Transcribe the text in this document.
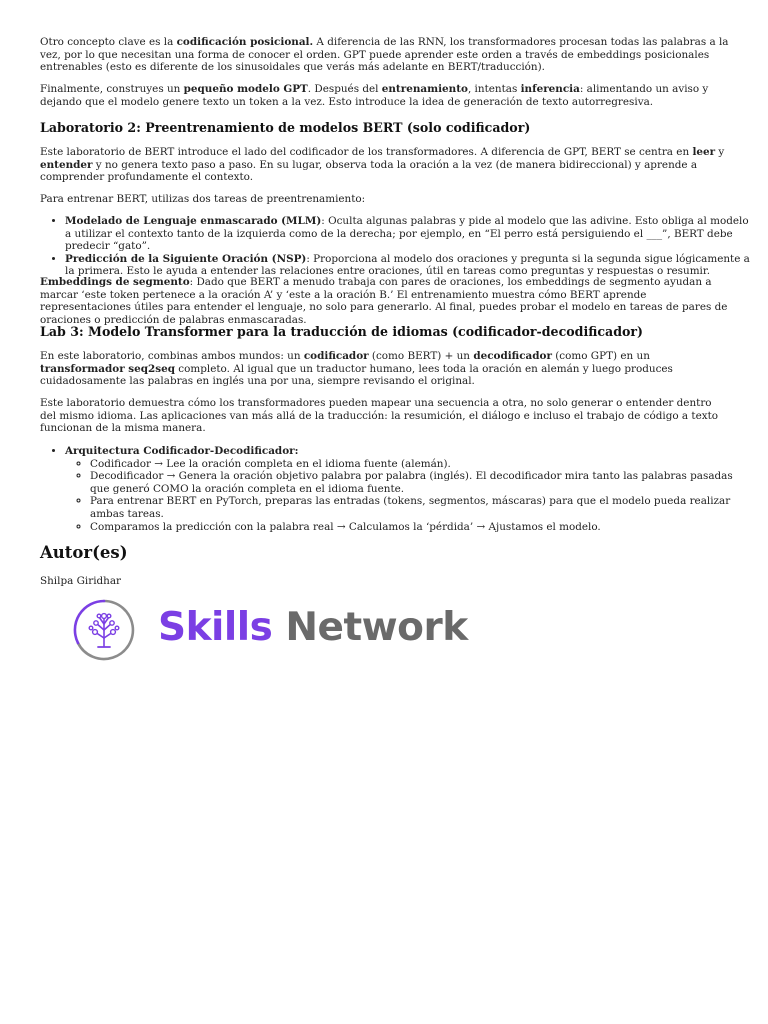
Otro concepto clave es la codificación posicional. A diferencia de las RNN, los transformadores procesan todas las palabras a la vez, por lo que necesitan una forma de conocer el orden. GPT puede aprender este orden a través de embeddings posicionales entrenables (esto es diferente de los sinusoidales que verás más adelante en BERT/traducción).

Finalmente, construyes un pequeño modelo GPT. Después del entrenamiento, intentas inferencia: alimentando un aviso y dejando que el modelo genere texto un token a la vez. Esto introduce la idea de generación de texto autorregresiva.

Laboratorio 2: Preentrenamiento de modelos BERT (solo codificador)

Este laboratorio de BERT introduce el lado del codificador de los transformadores. A diferencia de GPT, BERT se centra en leer y entender y no genera texto paso a paso. En su lugar, observa toda la oración a la vez (de manera bidireccional) y aprende a comprender profundamente el contexto.

Para entrenar BERT, utilizas dos tareas de preentrenamiento:

• Modelado de Lenguaje enmascarado (MLM): Oculta algunas palabras y pide al modelo que las adivine. Esto obliga al modelo a utilizar el contexto tanto de la izquierda como de la derecha; por ejemplo, en “El perro está persiguiendo el ___”, BERT debe predecir “gato”.
• Predicción de la Siguiente Oración (NSP): Proporciona al modelo dos oraciones y pregunta si la segunda sigue lógicamente a la primera. Esto le ayuda a entender las relaciones entre oraciones, útil en tareas como preguntas y respuestas o resumir.

Embeddings de segmento: Dado que BERT a menudo trabaja con pares de oraciones, los embeddings de segmento ayudan a marcar ‘este token pertenece a la oración A’ y ‘este a la oración B.’ El entrenamiento muestra cómo BERT aprende representaciones útiles para entender el lenguaje, no solo para generarlo. Al final, puedes probar el modelo en tareas de pares de oraciones o predicción de palabras enmascaradas.

Lab 3: Modelo Transformer para la traducción de idiomas (codificador-decodificador)

En este laboratorio, combinas ambos mundos: un codificador (como BERT) + un decodificador (como GPT) en un transformador seq2seq completo. Al igual que un traductor humano, lees toda la oración en alemán y luego produces cuidadosamente las palabras en inglés una por una, siempre revisando el original.

Este laboratorio demuestra cómo los transformadores pueden mapear una secuencia a otra, no solo generar o entender dentro del mismo idioma. Las aplicaciones van más allá de la traducción: la resumición, el diálogo e incluso el trabajo de código a texto funcionan de la misma manera.

• Arquitectura Codificador-Decodificador:
◦ Codificador → Lee la oración completa en el idioma fuente (alemán).
◦ Decodificador → Genera la oración objetivo palabra por palabra (inglés). El decodificador mira tanto las palabras pasadas que generó COMO la oración completa en el idioma fuente.
◦ Para entrenar BERT en PyTorch, preparas las entradas (tokens, segmentos, máscaras) para que el modelo pueda realizar ambas tareas.
◦ Comparamos la predicción con la palabra real → Calculamos la ‘pérdida’ → Ajustamos el modelo.
Autor(es)

Shilpa Giridhar

Skills Network
